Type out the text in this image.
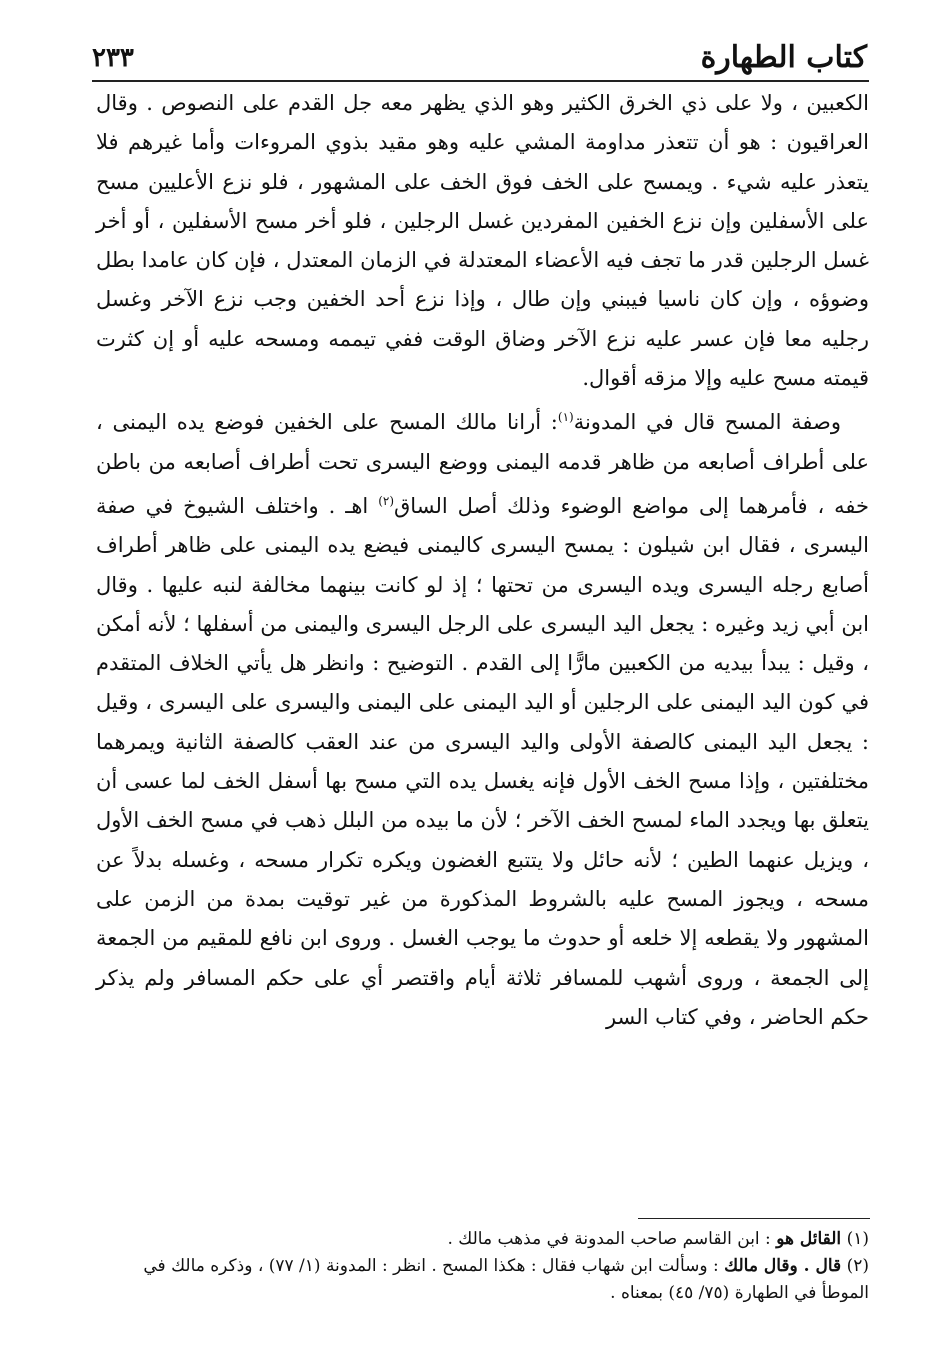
كتاب الطهارة
٢٣٣

الكعبين ، ولا على ذي الخرق الكثير وهو الذي يظهر معه جل القدم على النصوص . وقال العراقيون : هو أن تتعذر مداومة المشي عليه وهو مقيد بذوي المروءات وأما غيرهم فلا يتعذر عليه شيء . ويمسح على الخف فوق الخف على المشهور ، فلو نزع الأعليين مسح على الأسفلين وإن نزع الخفين المفردين غسل الرجلين ، فلو أخر مسح الأسفلين ، أو أخر غسل الرجلين قدر ما تجف فيه الأعضاء المعتدلة في الزمان المعتدل ، فإن كان عامدا بطل وضوؤه ، وإن كان ناسيا فيبني وإن طال ، وإذا نزع أحد الخفين وجب نزع الآخر وغسل رجليه معا فإن عسر عليه نزع الآخر وضاق الوقت ففي تيممه ومسحه عليه أو إن كثرت قيمته مسح عليه وإلا مزقه أقوال.

وصفة المسح قال في المدونة$^{(١)}$: أرانا مالك المسح على الخفين فوضع يده اليمنى ، على أطراف أصابعه من ظاهر قدمه اليمنى ووضع اليسرى تحت أطراف أصابعه من باطن خفه ، فأمرهما إلى مواضع الوضوء وذلك أصل الساق$^{(٢)}$ اهـ . واختلف الشيوخ في صفة اليسرى ، فقال ابن شيلون : يمسح اليسرى كاليمنى فيضع يده اليمنى على ظاهر أطراف أصابع رجله اليسرى ويده اليسرى من تحتها ؛ إذ لو كانت بينهما مخالفة لنبه عليها . وقال ابن أبي زيد وغيره : يجعل اليد اليسرى على الرجل اليسرى واليمنى من أسفلها ؛ لأنه أمكن ، وقيل : يبدأ بيديه من الكعبين مارًّا إلى القدم . التوضيح : وانظر هل يأتي الخلاف المتقدم في كون اليد اليمنى على الرجلين أو اليد اليمنى على اليمنى واليسرى على اليسرى ، وقيل : يجعل اليد اليمنى كالصفة الأولى واليد اليسرى من عند العقب كالصفة الثانية ويمرهما مختلفتين ، وإذا مسح الخف الأول فإنه يغسل يده التي مسح بها أسفل الخف لما عسى أن يتعلق بها ويجدد الماء لمسح الخف الآخر ؛ لأن ما بيده من البلل ذهب في مسح الخف الأول ، ويزيل عنهما الطين ؛ لأنه حائل ولا يتتبع الغضون ويكره تكرار مسحه ، وغسله بدلاً عن مسحه ، ويجوز المسح عليه بالشروط المذكورة من غير توقيت بمدة من الزمن على المشهور ولا يقطعه إلا خلعه أو حدوث ما يوجب الغسل . وروى ابن نافع للمقيم من الجمعة إلى الجمعة ، وروى أشهب للمسافر ثلاثة أيام واقتصر أي على حكم المسافر ولم يذكر حكم الحاضر ، وفي كتاب السر

(١) القائل هو : ابن القاسم صاحب المدونة في مذهب مالك .

(٢) قال . وقال مالك : وسألت ابن شهاب فقال : هكذا المسح . انظر : المدونة (١/ ٧٧) ، وذكره مالك في الموطأ في الطهارة (٧٥/ ٤٥) بمعناه .
